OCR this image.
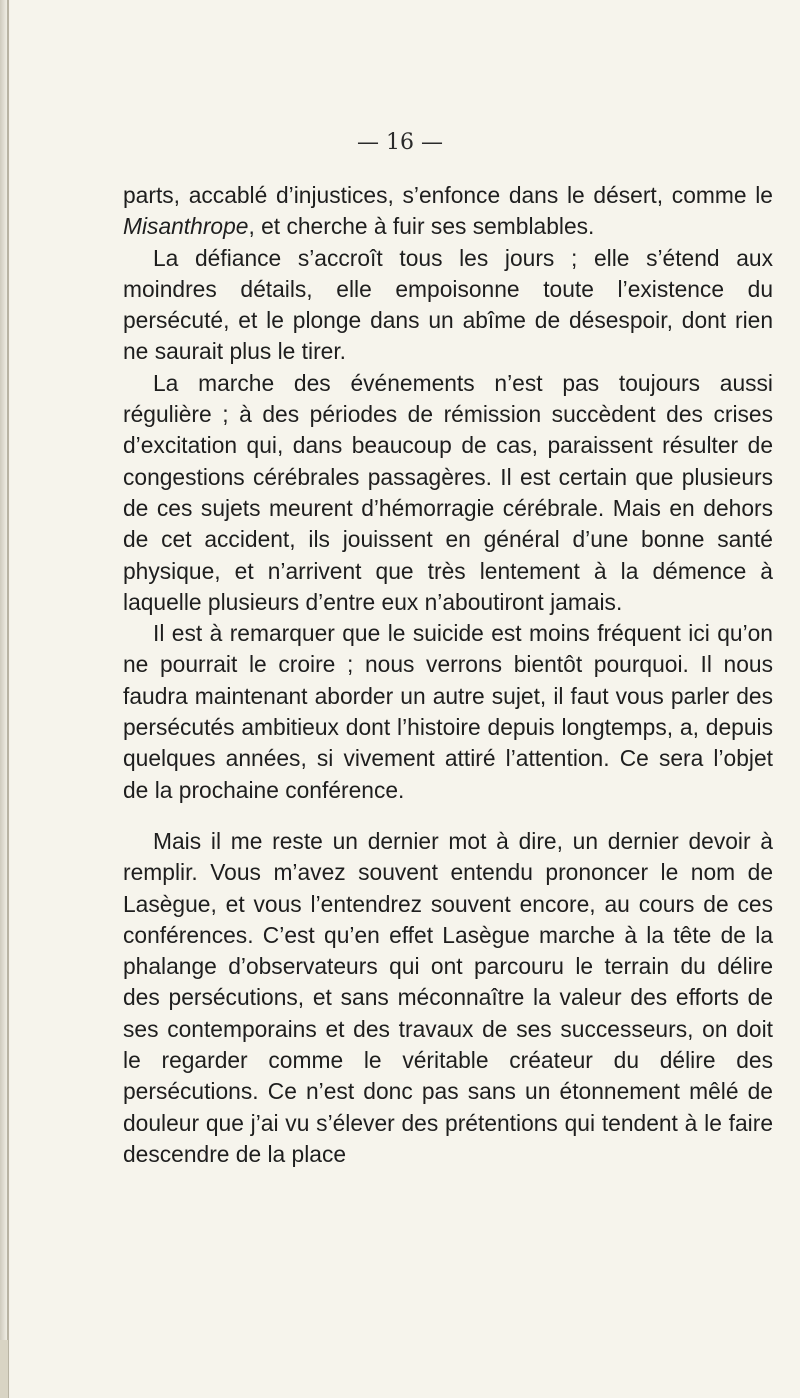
— 16 —

parts, accablé d’injustices, s’enfonce dans le désert, comme le Misanthrope, et cherche à fuir ses semblables.

La défiance s’accroît tous les jours ; elle s’étend aux moindres détails, elle empoisonne toute l’existence du persécuté, et le plonge dans un abîme de désespoir, dont rien ne saurait plus le tirer.

La marche des événements n’est pas toujours aussi régulière ; à des périodes de rémission succèdent des crises d’excitation qui, dans beaucoup de cas, paraissent résulter de congestions cérébrales passagères. Il est certain que plusieurs de ces sujets meurent d’hémorragie cérébrale. Mais en dehors de cet accident, ils jouissent en général d’une bonne santé physique, et n’arrivent que très lentement à la démence à laquelle plusieurs d’entre eux n’aboutiront jamais.

Il est à remarquer que le suicide est moins fréquent ici qu’on ne pourrait le croire ; nous verrons bientôt pourquoi. Il nous faudra maintenant aborder un autre sujet, il faut vous parler des persécutés ambitieux dont l’histoire depuis longtemps, a, depuis quelques années, si vivement attiré l’attention. Ce sera l’objet de la prochaine conférence.

Mais il me reste un dernier mot à dire, un dernier devoir à remplir. Vous m’avez souvent entendu prononcer le nom de Lasègue, et vous l’entendrez souvent encore, au cours de ces conférences. C’est qu’en effet Lasègue marche à la tête de la phalange d’observateurs qui ont parcouru le terrain du délire des persécutions, et sans méconnaître la valeur des efforts de ses contemporains et des travaux de ses successeurs, on doit le regarder comme le véritable créateur du délire des persécutions. Ce n’est donc pas sans un étonnement mêlé de douleur que j’ai vu s’élever des prétentions qui tendent à le faire descendre de la place
